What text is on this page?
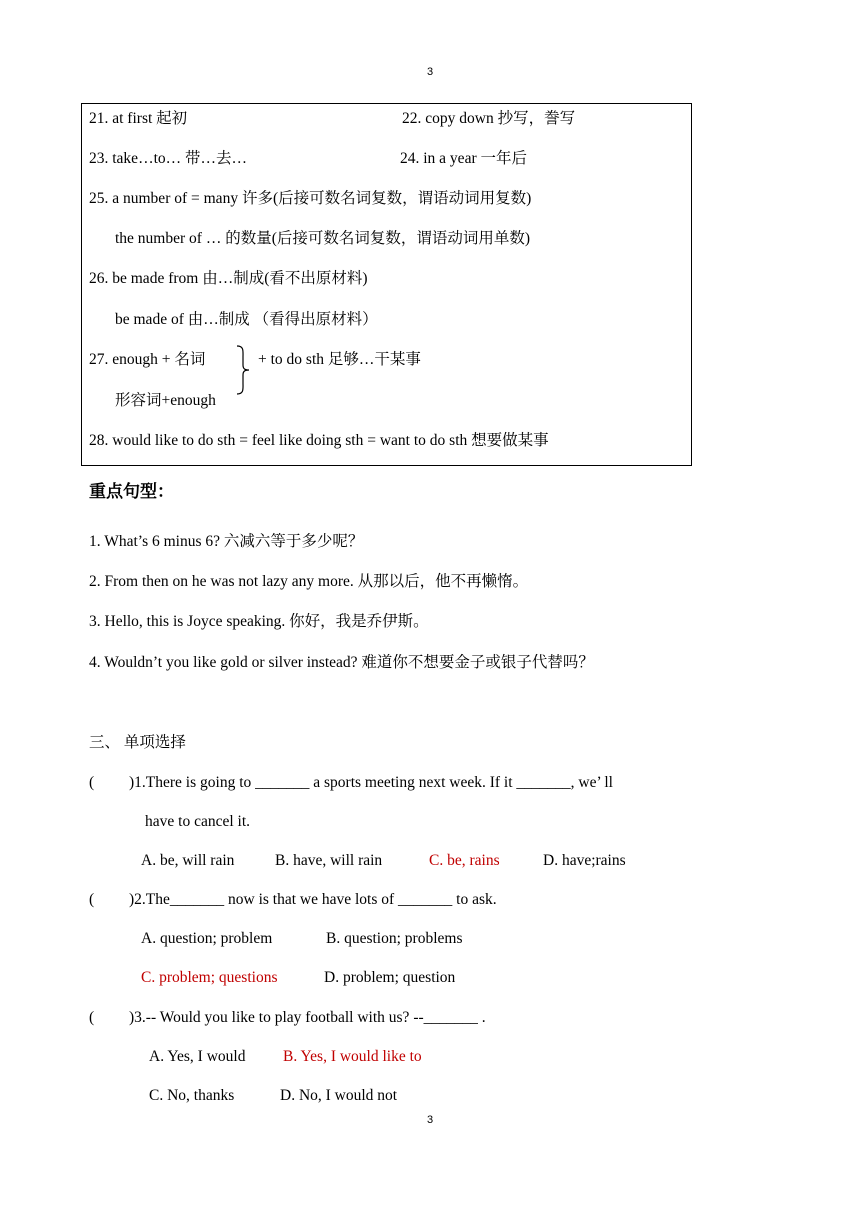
3
3
21. at first 起初	22. copy down 抄写，誊写
23. take…to… 带…去…	24. in a year 一年后
25. a number of = many 许多(后接可数名词复数，谓语动词用复数)
the number of … 的数量(后接可数名词复数，谓语动词用单数)
26. be made from 由…制成(看不出原材料)
be made of 由…制成 （看得出原材料）
27. enough + 名词	+ to do sth 足够…干某事
形容词+enough
28. would like to do sth = feel like doing sth = want to do sth 想要做某事
重点句型：
1. What’s 6 minus 6? 六减六等于多少呢？
2. From then on he was not lazy any more. 从那以后，他不再懒惰。
3. Hello, this is Joyce speaking. 你好，我是乔伊斯。
4. Wouldn’t you like gold or silver instead? 难道你不想要金子或银子代替吗？
三、 单项选择
( )1.There is going to _______ a sports meeting next week. If it _______, we’ ll
have to cancel it.
A. be, will rain	B. have, will rain	C. be, rains	D. have;rains
( )2.The_______ now is that we have lots of _______ to ask.
A. question; problem	B. question; problems
C. problem; questions	D. problem; question
( )3.-- Would you like to play football with us? --_______ .
A. Yes, I would B. Yes, I would like to
C. No, thanks	D. No, I would not
